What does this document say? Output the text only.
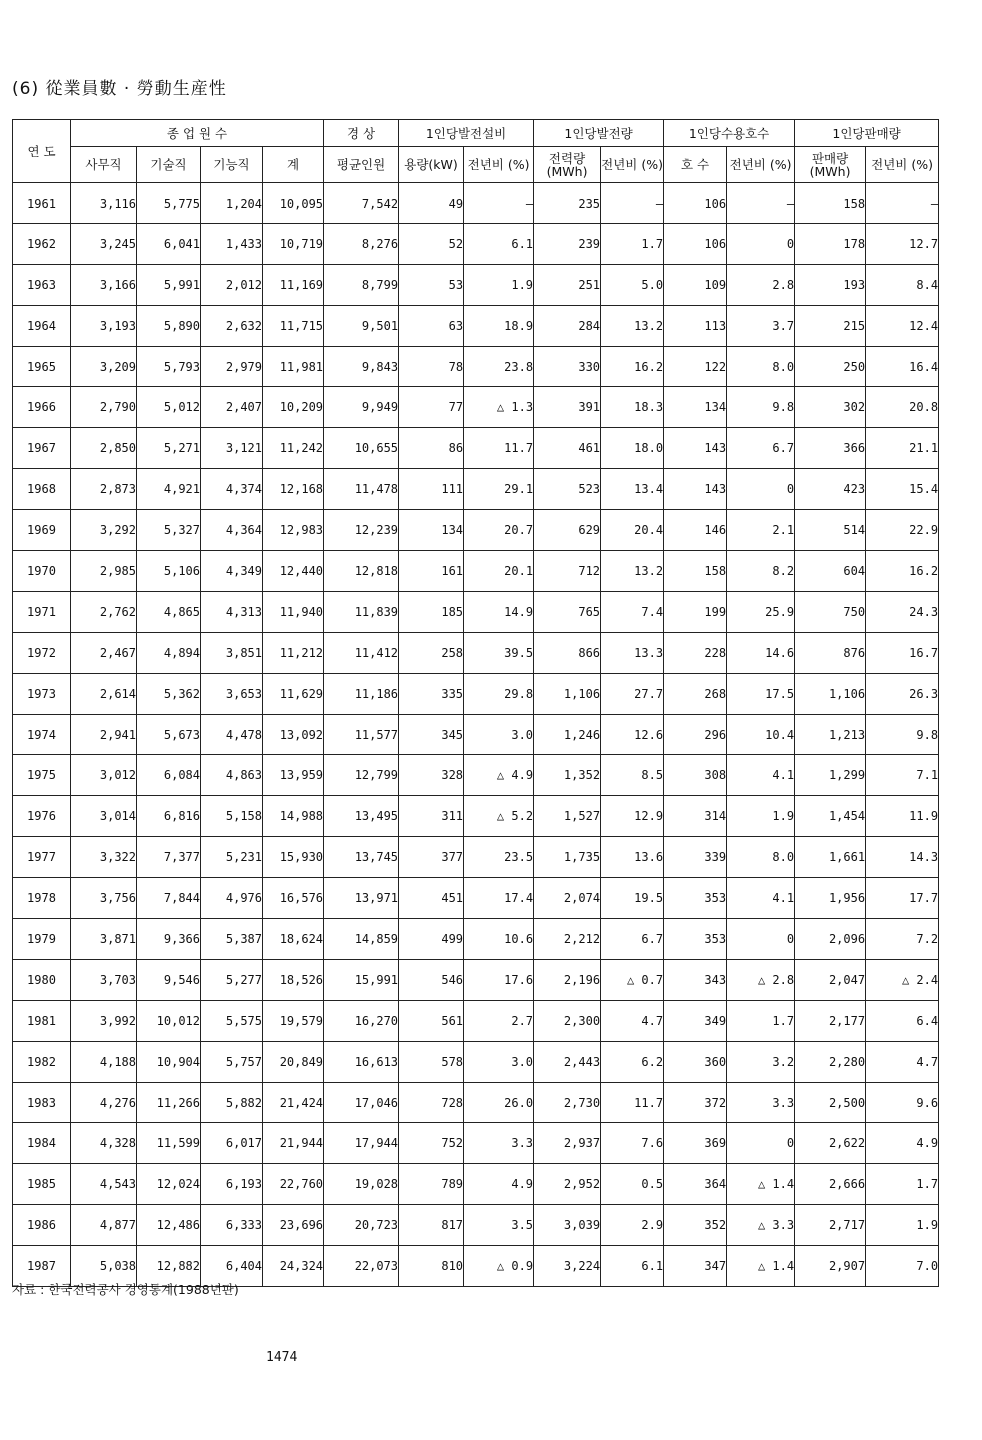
(6) 從業員數 · 勞動生産性
연 도	종 업 원 수				경 상	1인당발전설비		1인당발전량		1인당수용호수		1인당판매량	
	사무직	기술직	기능직	계	평균인원	용량(kW)	전년비 (%)	전력량 (MWh)	전년비 (%)	호 수	전년비 (%)	판매량 (MWh)	전년비 (%)
1961	3,116	5,775	1,204	10,095	7,542	49	—	235	—	106	—	158	—
1962	3,245	6,041	1,433	10,719	8,276	52	6.1	239	1.7	106	0	178	12.7
1963	3,166	5,991	2,012	11,169	8,799	53	1.9	251	5.0	109	2.8	193	8.4
1964	3,193	5,890	2,632	11,715	9,501	63	18.9	284	13.2	113	3.7	215	12.4
1965	3,209	5,793	2,979	11,981	9,843	78	23.8	330	16.2	122	8.0	250	16.4
1966	2,790	5,012	2,407	10,209	9,949	77	△ 1.3	391	18.3	134	9.8	302	20.8
1967	2,850	5,271	3,121	11,242	10,655	86	11.7	461	18.0	143	6.7	366	21.1
1968	2,873	4,921	4,374	12,168	11,478	111	29.1	523	13.4	143	0	423	15.4
1969	3,292	5,327	4,364	12,983	12,239	134	20.7	629	20.4	146	2.1	514	22.9
1970	2,985	5,106	4,349	12,440	12,818	161	20.1	712	13.2	158	8.2	604	16.2
1971	2,762	4,865	4,313	11,940	11,839	185	14.9	765	7.4	199	25.9	750	24.3
1972	2,467	4,894	3,851	11,212	11,412	258	39.5	866	13.3	228	14.6	876	16.7
1973	2,614	5,362	3,653	11,629	11,186	335	29.8	1,106	27.7	268	17.5	1,106	26.3
1974	2,941	5,673	4,478	13,092	11,577	345	3.0	1,246	12.6	296	10.4	1,213	9.8
1975	3,012	6,084	4,863	13,959	12,799	328	△ 4.9	1,352	8.5	308	4.1	1,299	7.1
1976	3,014	6,816	5,158	14,988	13,495	311	△ 5.2	1,527	12.9	314	1.9	1,454	11.9
1977	3,322	7,377	5,231	15,930	13,745	377	23.5	1,735	13.6	339	8.0	1,661	14.3
1978	3,756	7,844	4,976	16,576	13,971	451	17.4	2,074	19.5	353	4.1	1,956	17.7
1979	3,871	9,366	5,387	18,624	14,859	499	10.6	2,212	6.7	353	0	2,096	7.2
1980	3,703	9,546	5,277	18,526	15,991	546	17.6	2,196	△ 0.7	343	△ 2.8	2,047	△ 2.4
1981	3,992	10,012	5,575	19,579	16,270	561	2.7	2,300	4.7	349	1.7	2,177	6.4
1982	4,188	10,904	5,757	20,849	16,613	578	3.0	2,443	6.2	360	3.2	2,280	4.7
1983	4,276	11,266	5,882	21,424	17,046	728	26.0	2,730	11.7	372	3.3	2,500	9.6
1984	4,328	11,599	6,017	21,944	17,944	752	3.3	2,937	7.6	369	0	2,622	4.9
1985	4,543	12,024	6,193	22,760	19,028	789	4.9	2,952	0.5	364	△ 1.4	2,666	1.7
1986	4,877	12,486	6,333	23,696	20,723	817	3.5	3,039	2.9	352	△ 3.3	2,717	1.9
1987	5,038	12,882	6,404	24,324	22,073	810	△ 0.9	3,224	6.1	347	△ 1.4	2,907	7.0
자료 : 한국전력공사 경영통계(1988년판)
1474
